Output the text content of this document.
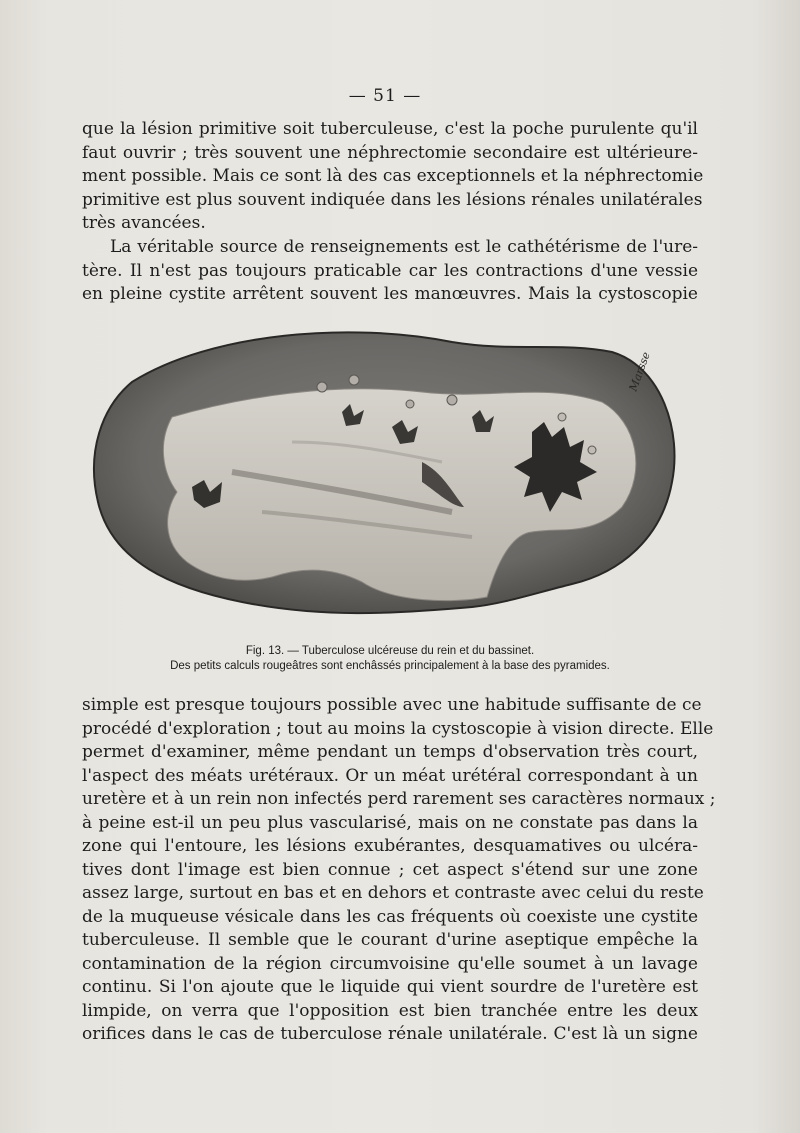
— 51 —

que la lésion primitive soit tuberculeuse, c'est la poche purulente qu'il
faut ouvrir ; très souvent une néphrectomie secondaire est ultérieure-
ment possible. Mais ce sont là des cas exceptionnels et la néphrectomie
primitive est plus souvent indiquée dans les lésions rénales unilatérales
très avancées.

La véritable source de renseignements est le cathétérisme de l'ure-
tère. Il n'est pas toujours praticable car les contractions d'une vessie
en pleine cystite arrêtent souvent les manœuvres. Mais la cystoscopie

Marsse

Fig. 13. — Tuberculose ulcéreuse du rein et du bassinet.

Des petits calculs rougeâtres sont enchâssés principalement à la base des pyramides.

simple est presque toujours possible avec une habitude suffisante de ce
procédé d'exploration ; tout au moins la cystoscopie à vision directe. Elle
permet d'examiner, même pendant un temps d'observation très court,
l'aspect des méats urétéraux. Or un méat urétéral correspondant à un
uretère et à un rein non infectés perd rarement ses caractères normaux ;
à peine est-il un peu plus vascularisé, mais on ne constate pas dans la
zone qui l'entoure, les lésions exubérantes, desquamatives ou ulcéra-
tives dont l'image est bien connue ; cet aspect s'étend sur une zone
assez large, surtout en bas et en dehors et contraste avec celui du reste
de la muqueuse vésicale dans les cas fréquents où coexiste une cystite
tuberculeuse. Il semble que le courant d'urine aseptique empêche la
contamination de la région circumvoisine qu'elle soumet à un lavage
continu. Si l'on ajoute que le liquide qui vient sourdre de l'uretère est
limpide, on verra que l'opposition est bien tranchée entre les deux
orifices dans le cas de tuberculose rénale unilatérale. C'est là un signe
